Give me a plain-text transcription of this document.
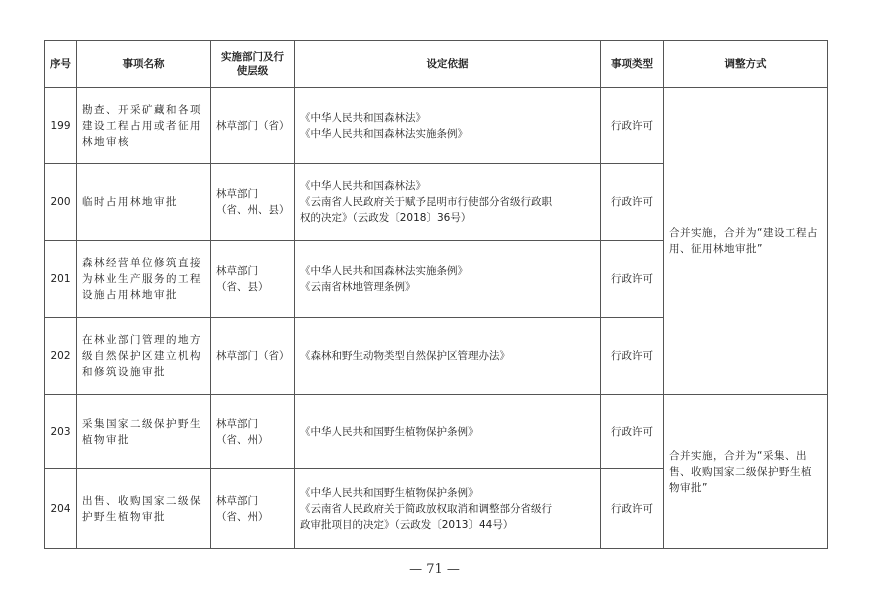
序号	事项名称	实施部门及行使层级	设定依据	事项类型	调整方式
199	勘查、开采矿藏和各项建设工程占用或者征用林地审核	林草部门（省）	《中华人民共和国森林法》
《中华人民共和国森林法实施条例》	行政许可	合并实施，合并为“建设工程占用、征用林地审批”
200	临时占用林地审批	林草部门（省、州、县）	《中华人民共和国森林法》
《云南省人民政府关于赋予昆明市行使部分省级行政职
权的决定》（云政发〔2018〕36号）	行政许可	
201	森林经营单位修筑直接为林业生产服务的工程设施占用林地审批	林草部门（省、县）	《中华人民共和国森林法实施条例》
《云南省林地管理条例》	行政许可	
202	在林业部门管理的地方级自然保护区建立机构和修筑设施审批	林草部门（省）	《森林和野生动物类型自然保护区管理办法》	行政许可	
203	采集国家二级保护野生植物审批	林草部门（省、州）	《中华人民共和国野生植物保护条例》	行政许可	合并实施，合并为“采集、出售、收购国家二级保护野生植物审批”
204	出售、收购国家二级保护野生植物审批	林草部门（省、州）	《中华人民共和国野生植物保护条例》
《云南省人民政府关于简政放权取消和调整部分省级行
政审批项目的决定》（云政发〔2013〕44号）	行政许可	
— 71 —
